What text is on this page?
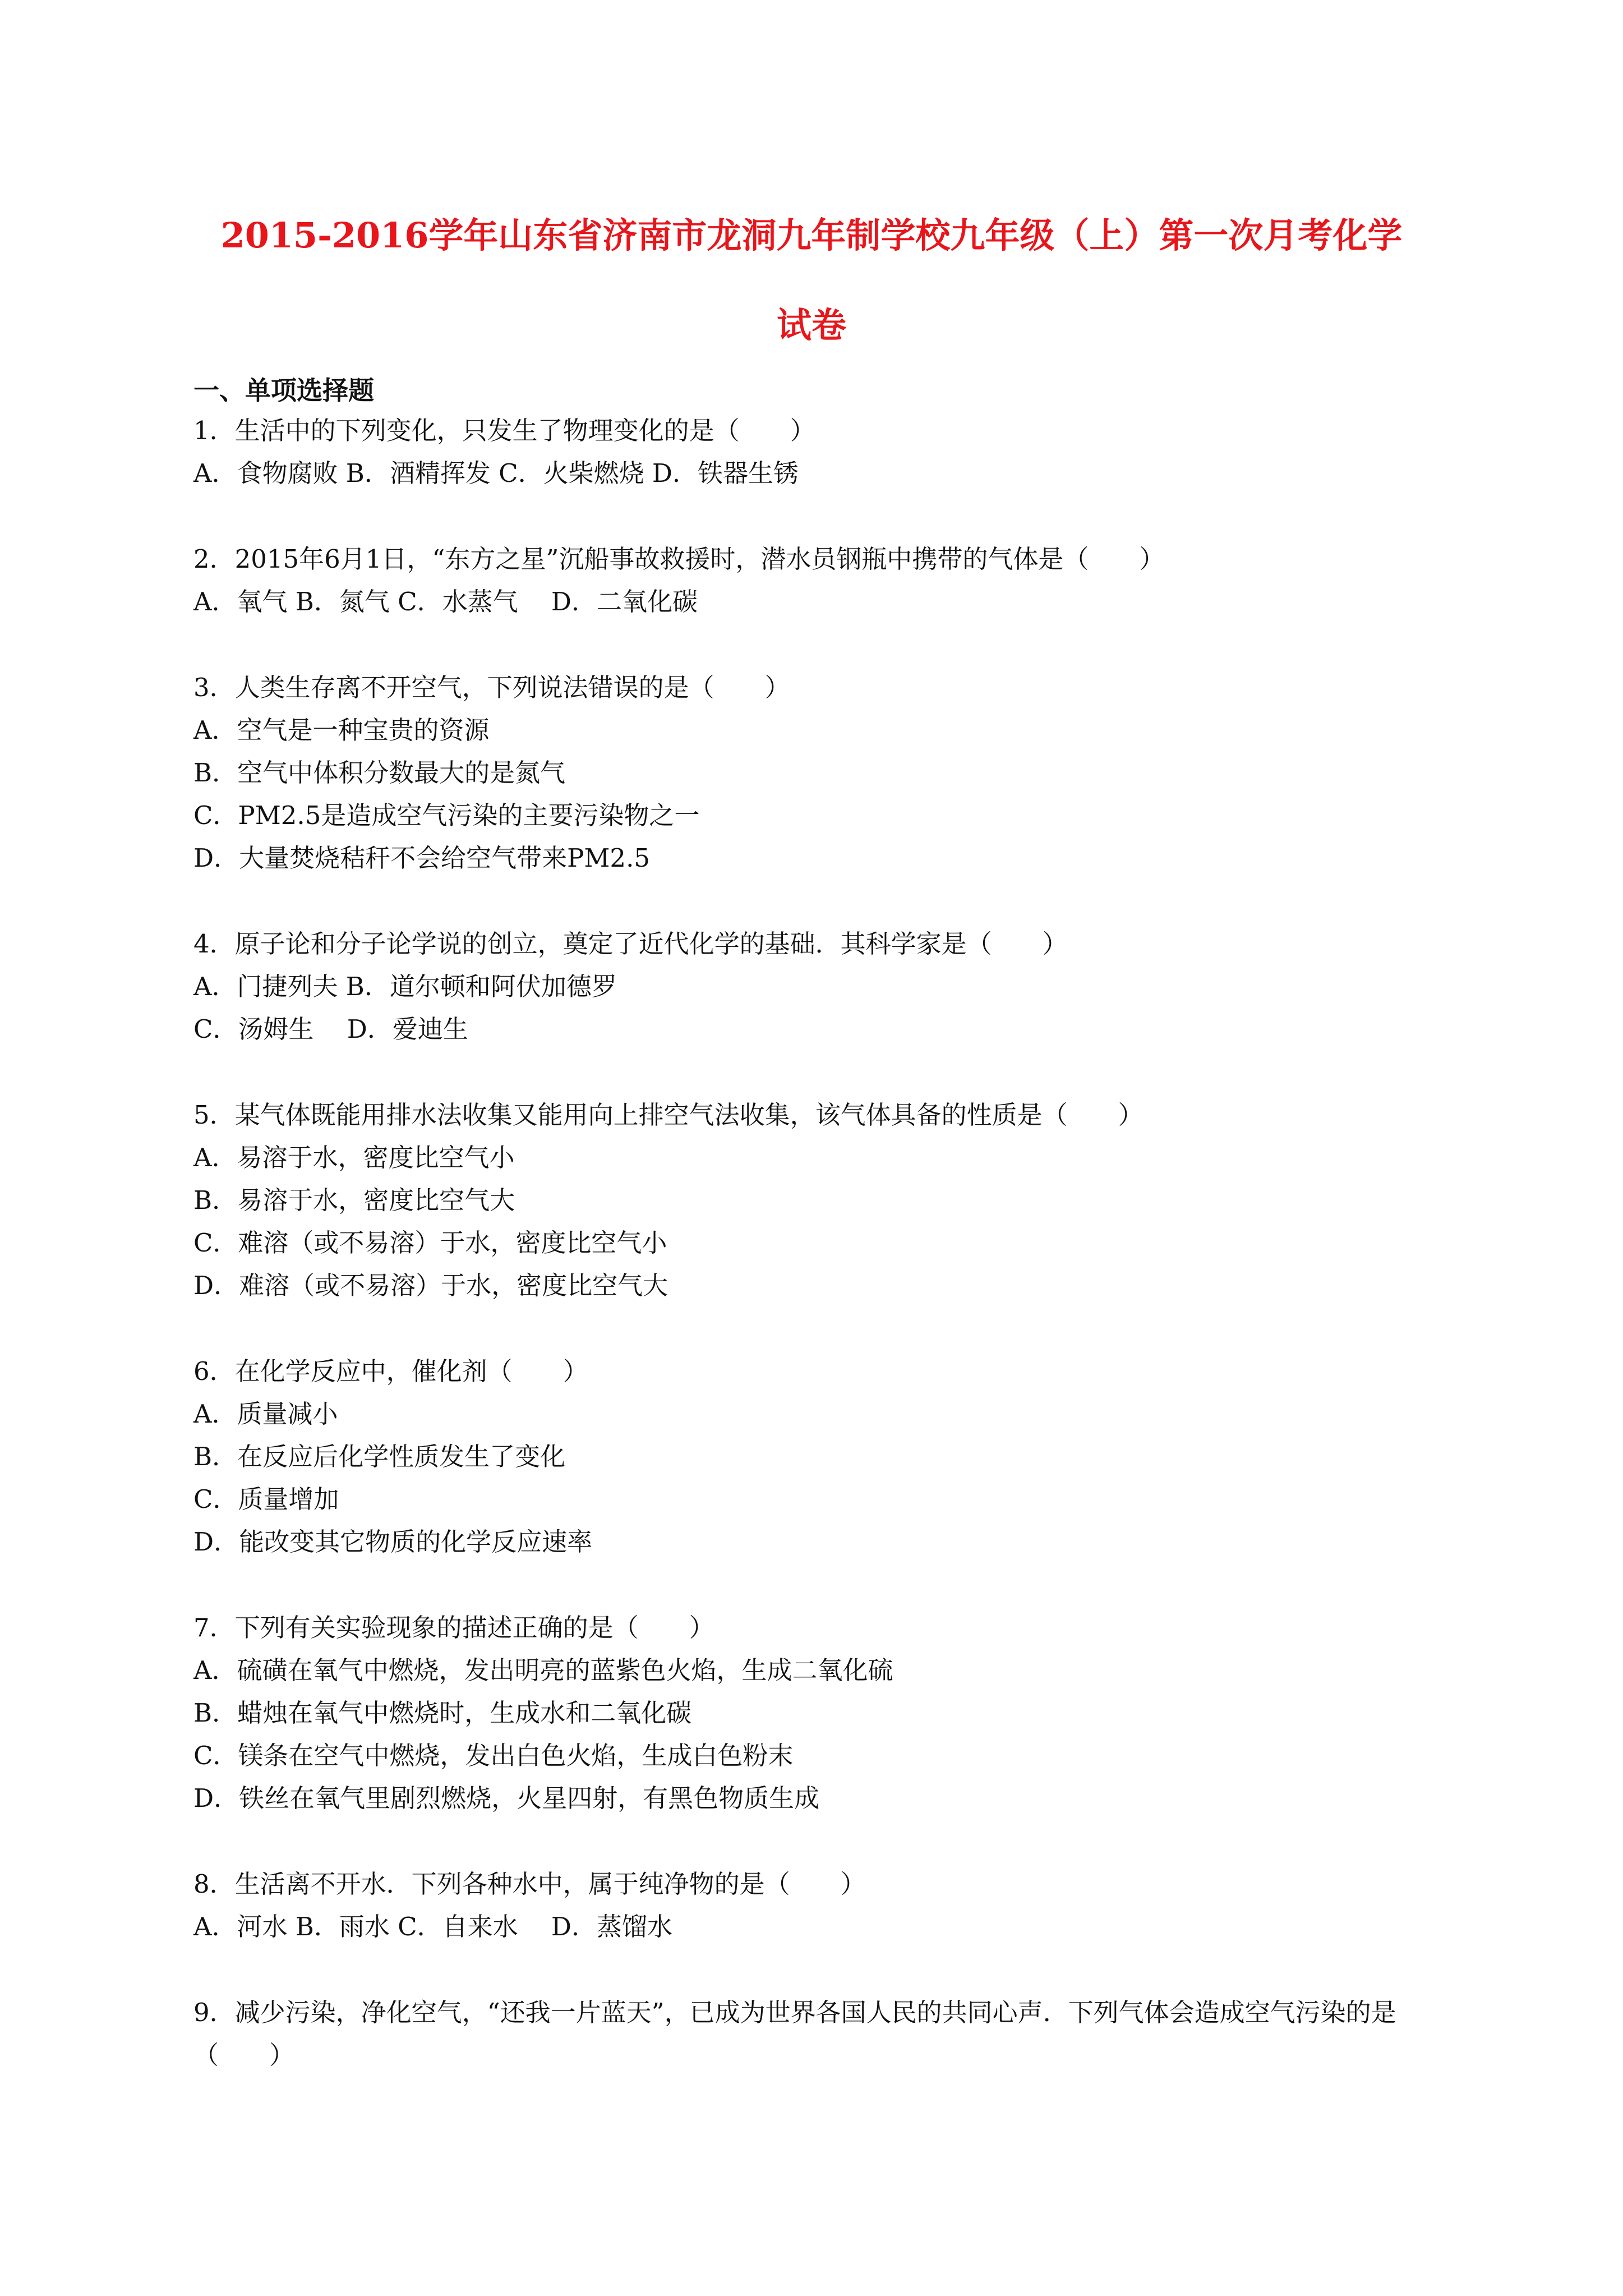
2015-2016学年山东省济南市龙洞九年制学校九年级（上）第一次月考化学
试卷
一、单项选择题
1．生活中的下列变化，只发生了物理变化的是（　　）
A．食物腐败 B．酒精挥发 C．火柴燃烧 D．铁器生锈
2．2015年6月1日，“东方之星”沉船事故救援时，潜水员钢瓶中携带的气体是（　　）
A．氧气 B．氮气 C．水蒸气　 D．二氧化碳
3．人类生存离不开空气，下列说法错误的是（　　）
A．空气是一种宝贵的资源
B．空气中体积分数最大的是氮气
C．PM2.5是造成空气污染的主要污染物之一
D．大量焚烧秸秆不会给空气带来PM2.5
4．原子论和分子论学说的创立，奠定了近代化学的基础．其科学家是（　　）
A．门捷列夫 B．道尔顿和阿伏加德罗
C．汤姆生　 D．爱迪生
5．某气体既能用排水法收集又能用向上排空气法收集，该气体具备的性质是（　　）
A．易溶于水，密度比空气小
B．易溶于水，密度比空气大
C．难溶（或不易溶）于水，密度比空气小
D．难溶（或不易溶）于水，密度比空气大
6．在化学反应中，催化剂（　　）
A．质量减小
B．在反应后化学性质发生了变化
C．质量增加
D．能改变其它物质的化学反应速率
7．下列有关实验现象的描述正确的是（　　）
A．硫磺在氧气中燃烧，发出明亮的蓝紫色火焰，生成二氧化硫
B．蜡烛在氧气中燃烧时，生成水和二氧化碳
C．镁条在空气中燃烧，发出白色火焰，生成白色粉末
D．铁丝在氧气里剧烈燃烧，火星四射，有黑色物质生成
8．生活离不开水．下列各种水中，属于纯净物的是（　　）
A．河水 B．雨水 C．自来水　 D．蒸馏水
9．减少污染，净化空气，“还我一片蓝天”，已成为世界各国人民的共同心声．下列气体会造成空气污染的是（　　）
